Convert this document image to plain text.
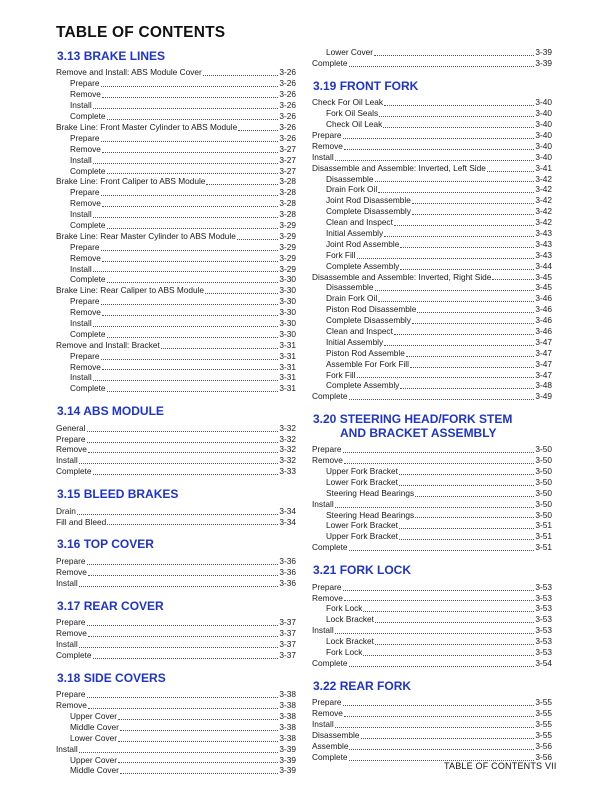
TABLE OF CONTENTS
3.13 BRAKE LINES
Remove and Install: ABS Module Cover	3-26
Prepare	3-26
Remove	3-26
Install	3-26
Complete	3-26
Brake Line: Front Master Cylinder to ABS Module	3-26
Prepare	3-26
Remove	3-27
Install	3-27
Complete	3-27
Brake Line: Front Caliper to ABS Module	3-28
Prepare	3-28
Remove	3-28
Install	3-28
Complete	3-29
Brake Line: Rear Master Cylinder to ABS Module	3-29
Prepare	3-29
Remove	3-29
Install	3-29
Complete	3-30
Brake Line: Rear Caliper to ABS Module	3-30
Prepare	3-30
Remove	3-30
Install	3-30
Complete	3-30
Remove and Install: Bracket	3-31
Prepare	3-31
Remove	3-31
Install	3-31
Complete	3-31
3.14 ABS MODULE
General	3-32
Prepare	3-32
Remove	3-32
Install	3-32
Complete	3-33
3.15 BLEED BRAKES
Drain	3-34
Fill and Bleed	3-34
3.16 TOP COVER
Prepare	3-36
Remove	3-36
Install	3-36
3.17 REAR COVER
Prepare	3-37
Remove	3-37
Install	3-37
Complete	3-37
3.18 SIDE COVERS
Prepare	3-38
Remove	3-38
Upper Cover	3-38
Middle Cover	3-38
Lower Cover	3-38
Install	3-39
Upper Cover	3-39
Middle Cover	3-39
Lower Cover	3-39
Complete	3-39
3.19 FRONT FORK
Check For Oil Leak	3-40
Fork Oil Seals	3-40
Check Oil Leak	3-40
Prepare	3-40
Remove	3-40
Install	3-40
Disassemble and Assemble: Inverted, Left Side	3-41
Disassemble	3-42
Drain Fork Oil	3-42
Joint Rod Disassemble	3-42
Complete Disassembly	3-42
Clean and Inspect	3-42
Initial Assembly	3-43
Joint Rod Assemble	3-43
Fork Fill	3-43
Complete Assembly	3-44
Disassemble and Assemble: Inverted, Right Side	3-45
Disassemble	3-45
Drain Fork Oil	3-46
Piston Rod Disassemble	3-46
Complete Disassembly	3-46
Clean and Inspect	3-46
Initial Assembly	3-47
Piston Rod Assemble	3-47
Assemble For Fork Fill	3-47
Fork Fill	3-47
Complete Assembly	3-48
Complete	3-49
3.20 STEERING HEAD/FORK STEM
AND BRACKET ASSEMBLY
Prepare	3-50
Remove	3-50
Upper Fork Bracket	3-50
Lower Fork Bracket	3-50
Steering Head Bearings	3-50
Install	3-50
Steering Head Bearings	3-50
Lower Fork Bracket	3-51
Upper Fork Bracket	3-51
Complete	3-51
3.21 FORK LOCK
Prepare	3-53
Remove	3-53
Fork Lock	3-53
Lock Bracket	3-53
Install	3-53
Lock Bracket	3-53
Fork Lock	3-53
Complete	3-54
3.22 REAR FORK
Prepare	3-55
Remove	3-55
Install	3-55
Disassemble	3-55
Assemble	3-56
Complete	3-56
TABLE OF CONTENTS VII
